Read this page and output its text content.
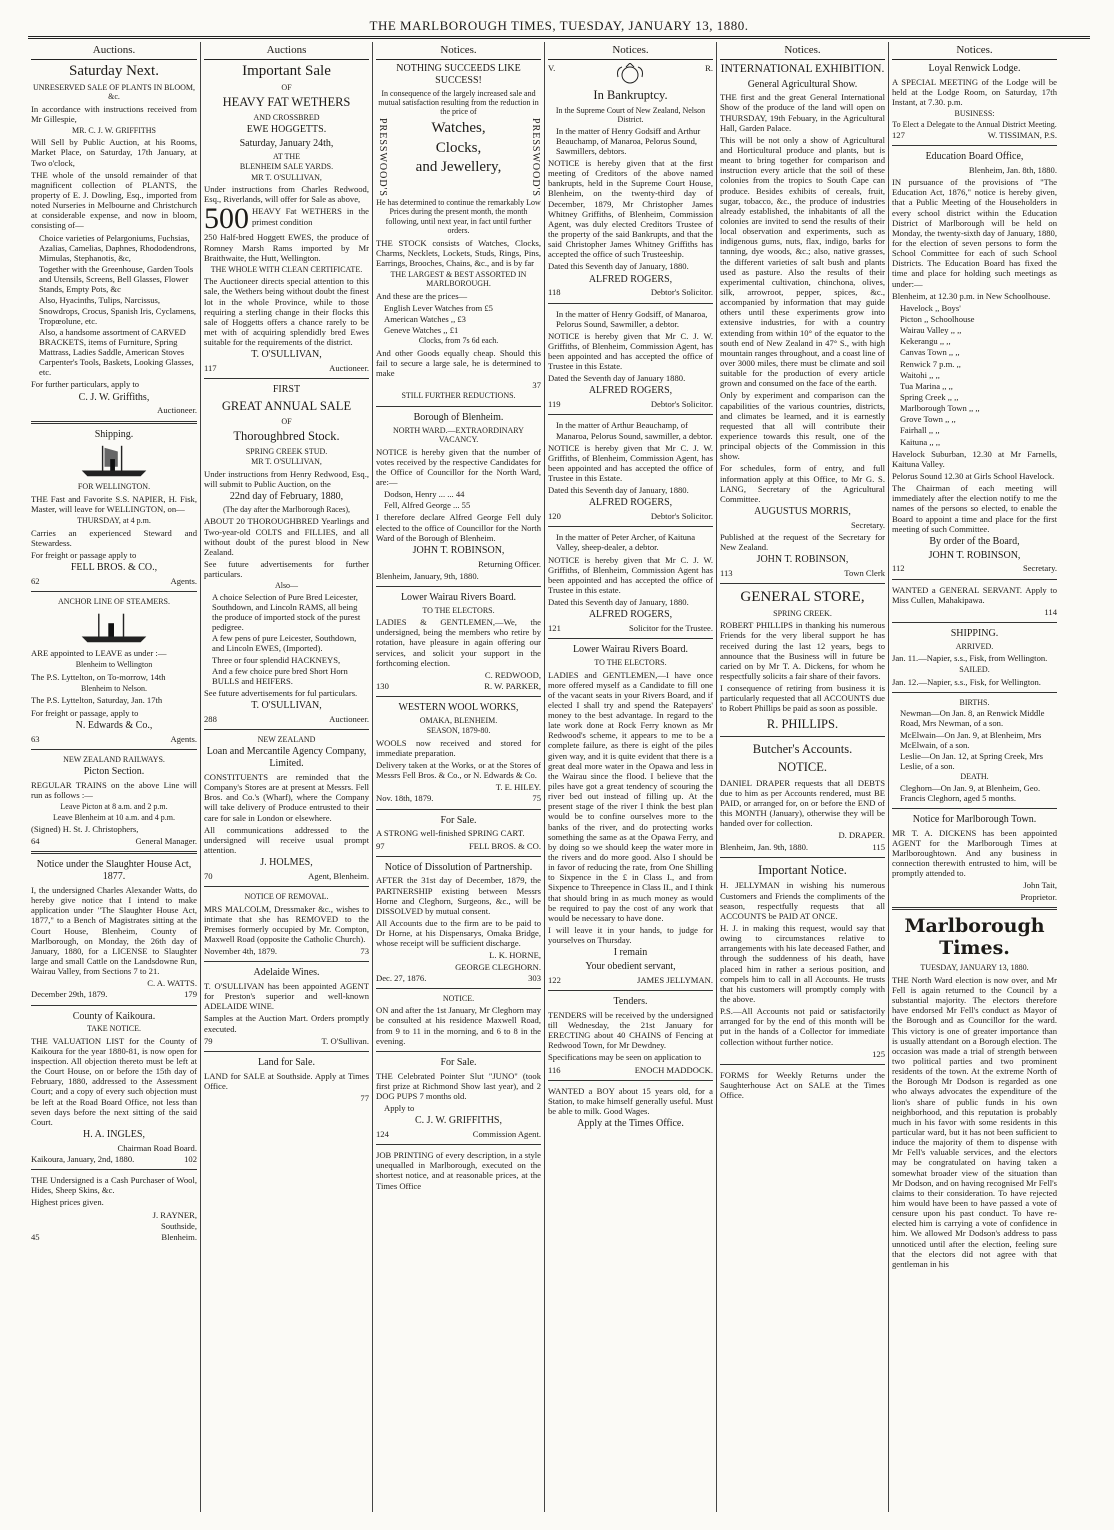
THE MARLBOROUGH TIMES, TUESDAY, JANUARY 13, 1880.
Auctions.
Saturday Next.
UNRESERVED SALE OF PLANTS IN BLOOM, &c.
In accordance with instructions received from Mr Gillespie,
MR. C. J. W. GRIFFITHS
Will Sell by Public Auction, at his Rooms, Market Place, on Saturday, 17th January, at Two o'clock,
THE whole of the unsold remainder of that magnificent collection of PLANTS, the property of E. J. Dowling, Esq., imported from noted Nurseries in Melbourne and Christchurch at considerable expense, and now in bloom, consisting of—
Choice varieties of Pelargoniums, Fuchsias, Azalias, Camelias, Daphnes, Rhododendrons, Mimulas, Stephanotis, &c,
Together with the Greenhouse, Garden Tools and Utensils, Screens, Bell Glasses, Flower Stands, Empty Pots, &c
Also, Hyacinths, Tulips, Narcissus, Snowdrops, Crocus, Spanish Iris, Cyclamens, Tropœolune, etc.
Also, a handsome assortment of CARVED BRACKETS, items of Furniture, Spring Mattrass, Ladies Saddle, American Stoves Carpenter's Tools, Baskets, Looking Glasses, etc.
For further particulars, apply to
C. J. W. Griffiths,
Auctioneer.
Shipping.
FOR WELLINGTON.
THE Fast and Favorite S.S. NAPIER, H. Fisk, Master, will leave for WELLINGTON, on—
THURSDAY, at 4 p.m.
Carries an experienced Steward and Stewardess.
For freight or passage apply to
FELL BROS. & CO.,
62	Agents.
ANCHOR LINE OF STEAMERS.
ARE appointed to LEAVE as under :—
Blenheim to Wellington
The P.S. Lyttelton, on To-morrow, 14th
Blenheim to Nelson.
The P.S. Lyttelton, Saturday, Jan. 17th
For freight or passage, apply to
N. Edwards & Co.,
63	Agents.
NEW ZEALAND RAILWAYS.
Picton Section.
REGULAR TRAINS on the above Line will run as follows :—
Leave Picton at 8 a.m. and 2 p.m.
Leave Blenheim at 10 a.m. and 4 p.m.
(Signed) H. St. J. Christophers,
64	General Manager.
Notice under the Slaughter House Act, 1877.
I, the undersigned Charles Alexander Watts, do hereby give notice that I intend to make application under "The Slaughter House Act, 1877," to a Bench of Magistrates sitting at the Court House, Blenheim, County of Marlborough, on Monday, the 26th day of January, 1880, for a LICENSE to Slaughter large and small Cattle on the Landsdowne Run, Wairau Valley, from Sections 7 to 21.
C. A. WATTS.
December 29th, 1879.	179
County of Kaikoura.
TAKE NOTICE.
THE VALUATION LIST for the County of Kaikoura for the year 1880-81, is now open for inspection. All objection thereto must be left at the Court House, on or before the 15th day of February, 1880, addressed to the Assessment Court; and a copy of every such objection must be left at the Road Board Office, not less than seven days before the next sitting of the said Court.
H. A. INGLES,
Chairman Road Board.
Kaikoura, January, 2nd, 1880.	102
THE Undersigned is a Cash Purchaser of Wool, Hides, Sheep Skins, &c.
Highest prices given.
J. RAYNER,
Southside,
45	Blenheim.
Auctions
Important Sale
OF
HEAVY FAT WETHERS
AND CROSSBRED
EWE HOGGETTS.
Saturday, January 24th,
AT THE
BLENHEIM SALE YARDS.
MR T. O'SULLIVAN,
Under instructions from Charles Redwood, Esq., Riverlands, will offer for Sale as above,
500 HEAVY Fat WETHERS in the primest condition
250 Half-bred Hoggett EWES, the produce of Romney Marsh Rams imported by Mr Braithwaite, the Hutt, Wellington.
THE WHOLE WITH CLEAN CERTIFICATE.
The Auctioneer directs special attention to this sale, the Wethers being without doubt the finest lot in the whole Province, while to those requiring a sterling change in their flocks this sale of Hoggetts offers a chance rarely to be met with of acquiring splendidly bred Ewes suitable for the requirements of the district.
T. O'SULLIVAN,
117	Auctioneer.
FIRST
GREAT ANNUAL SALE
OF
Thoroughbred Stock.
SPRING CREEK STUD.
MR T. O'SULLIVAN,
Under instructions from Henry Redwood, Esq., will submit to Public Auction, on the
22nd day of February, 1880,
(The day after the Marlborough Races),
ABOUT 20 THOROUGHBRED Yearlings and Two-year-old COLTS and FILLIES, and all without doubt of the purest blood in New Zealand.
See future advertisements for further particulars.
Also—
A choice Selection of Pure Bred Leicester, Southdown, and Lincoln RAMS, all being the produce of imported stock of the purest pedigree.
A few pens of pure Leicester, Southdown, and Lincoln EWES, (Imported).
Three or four splendid HACKNEYS,
And a few choice pure bred Short Horn BULLS and HEIFERS.
See future advertisements for ful particulars.
T. O'SULLIVAN,
288	Auctioneer.
NEW ZEALAND
Loan and Mercantile Agency Company, Limited.
CONSTITUENTS are reminded that the Company's Stores are at present at Messrs. Fell Bros. and Co.'s (Wharf), where the Company will take delivery of Produce entrusted to their care for sale in London or elsewhere.
All communications addressed to the undersigned will receive usual prompt attention.
J. HOLMES,
70	Agent, Blenheim.
NOTICE OF REMOVAL.
MRS MALCOLM, Dressmaker &c., wishes to intimate that she has REMOVED to the Premises formerly occupied by Mr. Compton, Maxwell Road (opposite the Catholic Church).
November 4th, 1879.	73
Adelaide Wines.
T. O'SULLIVAN has been appointed AGENT for Preston's superior and well-known ADELAIDE WINE.
Samples at the Auction Mart. Orders promptly executed.
79	T. O'Sullivan.
Land for Sale.
LAND for SALE at Southside. Apply at Times Office.
77
Notices.
NOTHING SUCCEEDS LIKE SUCCESS!
In consequence of the largely increased sale and mutual satisfaction resulting from the reduction in the price of
PRESSWOOD'S	Watches,
Clocks,
and Jewellery,	PRESSWOOD'S
He has determined to continue the remarkably Low Prices during the present month, the month following, until next year, in fact until further orders.
THE STOCK consists of Watches, Clocks, Charms, Necklets, Lockets, Studs, Rings, Pins, Earrings, Brooches, Chains, &c., and is by far
THE LARGEST & BEST ASSORTED IN MARLBOROUGH.
And these are the prices—
English Lever Watches from £5
American Watches ,, £3
Geneve Watches ,, £1
Clocks, from 7s 6d each.
And other Goods equally cheap. Should this fail to secure a large sale, he is determined to make
37
STILL FURTHER REDUCTIONS.
Borough of Blenheim.
NORTH WARD.—EXTRAORDINARY VACANCY.
NOTICE is hereby given that the number of votes received by the respective Candidates for the Office of Councillor for the North Ward, are:—
Dodson, Henry ... ... 44
Fell, Alfred George ... 55
I therefore declare Alfred George Fell duly elected to the office of Councillor for the North Ward of the Borough of Blenheim.
JOHN T. ROBINSON,
Returning Officer.
Blenheim, January, 9th, 1880.
Lower Wairau Rivers Board.
TO THE ELECTORS.
LADIES & GENTLEMEN,—We, the undersigned, being the members who retire by rotation, have pleasure in again offering our services, and solicit your support in the forthcoming election.
C. REDWOOD,
130	R. W. PARKER,
WESTERN WOOL WORKS,
OMAKA, BLENHEIM.
SEASON, 1879-80.
WOOLS now received and stored for immediate preparation.
Delivery taken at the Works, or at the Stores of Messrs Fell Bros. & Co., or N. Edwards & Co.
T. E. HILEY.
Nov. 18th, 1879.	75
For Sale.
A STRONG well-finished SPRING CART.
97	FELL BROS. & CO.
Notice of Dissolution of Partnership.
AFTER the 31st day of December, 1879, the PARTNERSHIP existing between Messrs Horne and Cleghorn, Surgeons, &c., will be DISSOLVED by mutual consent.
All Accounts due to the firm are to be paid to Dr Horne, at his Dispensarys, Omaka Bridge, whose receipt will be sufficient discharge.
L. K. HORNE,
GEORGE CLEGHORN.
Dec. 27, 1876.	303
NOTICE.
ON and after the 1st January, Mr Cleghorn may be consulted at his residence Maxwell Road, from 9 to 11 in the morning, and 6 to 8 in the evening.
For Sale.
THE Celebrated Pointer Slut "JUNO" (took first prize at Richmond Show last year), and 2 DOG PUPS 7 months old.
Apply to
C. J. W. GRIFFITHS,
124	Commission Agent.
JOB PRINTING of every description, in a style unequalled in Marlborough, executed on the shortest notice, and at reasonable prices, at the Times Office
Notices.
V.	R.
In Bankruptcy.
In the Supreme Court of New Zealand, Nelson District.
In the matter of Henry Godsiff and Arthur Beauchamp, of Manaroa, Pelorus Sound, Sawmillers, debtors.
NOTICE is hereby given that at the first meeting of Creditors of the above named bankrupts, held in the Supreme Court House, Blenheim, on the twenty-third day of December, 1879, Mr Christopher James Whitney Griffiths, of Blenheim, Commission Agent, was duly elected Creditors Trustee of the property of the said Bankrupts, and that the said Christopher James Whitney Griffiths has accepted the office of such Trusteeship.
Dated this Seventh day of January, 1880.
ALFRED ROGERS,
118	Debtor's Solicitor.
In the matter of Henry Godsiff, of Manaroa, Pelorus Sound, Sawmiller, a debtor.
NOTICE is hereby given that Mr C. J. W. Griffiths, of Blenheim, Commission Agent, has been appointed and has accepted the office of Trustee in this Estate.
Dated the Seventh day of January 1880.
ALFRED ROGERS,
119	Debtor's Solicitor.
In the matter of Arthur Beauchamp, of Manaroa, Pelorus Sound, sawmiller, a debtor.
NOTICE is hereby given that Mr C. J. W. Griffiths, of Blenheim, Commission Agent, has been appointed and has accepted the office of Trustee in this Estate.
Dated this Seventh day of January, 1880.
ALFRED ROGERS,
120	Debtor's Solicitor.
In the matter of Peter Archer, of Kaituna Valley, sheep-dealer, a debtor.
NOTICE is hereby given that Mr C. J. W. Griffiths, of Blenheim, Commission Agent has been appointed and has accepted the office of Trustee in this estate.
Dated this Seventh day of January, 1880.
ALFRED ROGERS,
121	Solicitor for the Trustee.
Lower Wairau Rivers Board.
TO THE ELECTORS.
LADIES and GENTLEMEN,—I have once more offered myself as a Candidate to fill one of the vacant seats in your Rivers Board, and if elected I shall try and spend the Ratepayers' money to the best advantage. In regard to the late work done at Rock Ferry known as Mr Redwood's scheme, it appears to me to be a complete failure, as there is eight of the piles given way, and it is quite evident that there is a great deal more water in the Opawa and less in the Wairau since the flood. I believe that the piles have got a great tendency of scouring the river bed out instead of filling up. At the present stage of the river I think the best plan would be to confine ourselves more to the banks of the river, and do protecting works something the same as at the Opawa Ferry, and by doing so we should keep the water more in the rivers and do more good. Also I should be in favor of reducing the rate, from One Shilling to Sixpence in the £ in Class I., and from Sixpence to Threepence in Class II., and I think that should bring in as much money as would be required to pay the cost of any work that would be necessary to have done.
I will leave it in your hands, to judge for yourselves on Thursday.
I remain
Your obedient servant,
122	JAMES JELLYMAN.
Tenders.
TENDERS will be received by the undersigned till Wednesday, the 21st January for ERECTING about 40 CHAINS of Fencing at Redwood Town, for Mr Dewdney.
Specifications may be seen on application to
116	ENOCH MADDOCK.
WANTED a BOY about 15 years old, for a Station, to make himself generally useful. Must be able to milk. Good Wages.
Apply at the Times Office.
Notices.
INTERNATIONAL EXHIBITION.
General Agricultural Show.
THE first and the great General International Show of the produce of the land will open on THURSDAY, 19th Febuary, in the Agricultural Hall, Garden Palace.
This will be not only a show of Agricultural and Horticultural produce and plants, but is meant to bring together for comparison and instruction every article that the soil of these colonies from the tropics to South Cape can produce. Besides exhibits of cereals, fruit, sugar, tobacco, &c., the produce of industries already established, the inhabitants of all the colonies are invited to send the results of their local observation and experiments, such as indigenous gums, nuts, flax, indigo, barks for tanning, dye woods, &c.; also, native grasses, the different varieties of salt bush and plants used as pasture. Also the results of their experimental cultivation, chinchona, olives, silk, arrowroot, pepper, spices, &c., accompanied by information that may guide others until these experiments grow into extensive industries, for with a country extending from within 10° of the equator to the south end of New Zealand in 47° S., with high mountain ranges throughout, and a coast line of over 3000 miles, there must be climate and soil suitable for the production of every article grown and consumed on the face of the earth.
Only by experiment and comparison can the capabilities of the various countries, districts, and climates be learned, and it is earnestly requested that all will contribute their experience towards this result, one of the principal objects of the Commission in this show.
For schedules, form of entry, and full information apply at this Office, to Mr G. S. LANG, Secretary of the Agricultural Committee.
AUGUSTUS MORRIS,
Secretary.
Published at the request of the Secretary for New Zealand.
JOHN T. ROBINSON,
113	Town Clerk
GENERAL STORE,
SPRING CREEK.
ROBERT PHILLIPS in thanking his numerous Friends for the very liberal support he has received during the last 12 years, begs to announce that the Business will in future be caried on by Mr T. A. Dickens, for whom he respectfully solicits a fair share of their favors.
I consequence of retiring from business it is particularly requested that all ACCOUNTS due to Robert Phillips be paid as soon as possible.
R. PHILLIPS.
Butcher's Accounts.
NOTICE.
DANIEL DRAPER requests that all DEBTS due to him as per Accounts rendered, must BE PAID, or arranged for, on or before the END of this MONTH (January), otherwise they will be handed over for collection.
D. DRAPER.
Blenheim, Jan. 9th, 1880.	115
Important Notice.
H. JELLYMAN in wishing his numerous Customers and Friends the compliments of the season, respectfully requests that all ACCOUNTS be PAID AT ONCE.
H. J. in making this request, would say that owing to circumstances relative to arrangements with his late deceased Father, and through the suddenness of his death, have placed him in rather a serious position, and compels him to call in all Accounts. He trusts that his customers will promptly comply with the above.
P.S.—All Accounts not paid or satisfactorily arranged for by the end of this month will be put in the hands of a Collector for immediate collection without further notice.
125
FORMS for Weekly Returns under the Saughterhouse Act on SALE at the Times Office.
Notices.
Loyal Renwick Lodge.
A SPECIAL MEETING of the Lodge will be held at the Lodge Room, on Saturday, 17th Instant, at 7.30. p.m.
BUSINESS:
To Elect a Delegate to the Annual District Meeting.
127	W. TISSIMAN, P.S.
Education Board Office,
Blenheim, Jan. 8th, 1880.
IN pursuance of the provisions of "The Education Act, 1876," notice is hereby given, that a Public Meeting of the Householders in every school district within the Education District of Marlborough will be held on Monday, the twenty-sixth day of January, 1880, for the election of seven persons to form the School Committee for each of such School Districts. The Education Board has fixed the time and place for holding such meetings as under:—
Blenheim, at 12.30 p.m. in New Schoolhouse.
Havelock ,, Boys'
Picton ,, Schoolhouse
Wairau Valley ,, ,,
Kekerangu ,, ,,
Canvas Town ,, ,,
Renwick 7 p.m. ,,
Waitohi ,, ,,
Tua Marina ,, ,,
Spring Creek ,, ,,
Marlborough Town ,, ,,
Grove Town ,, ,,
Fairhall ,, ,,
Kaituna ,, ,,
Havelock Suburban, 12.30 at Mr Farnells, Kaituna Valley.
Pelorus Sound 12.30 at Girls School Havelock.
The Chairman of each meeting will immediately after the election notify to me the names of the persons so elected, to enable the Board to appoint a time and place for the first meeting of such Committee.
By order of the Board,
JOHN T. ROBINSON,
112	Secretary.
WANTED a GENERAL SERVANT. Apply to Miss Cullen, Mahakipawa.
114
SHIPPING.
ARRIVED.
Jan. 11.—Napier, s.s., Fisk, from Wellington.
SAILED.
Jan. 12.—Napier, s.s., Fisk, for Wellington.
BIRTHS.
Newman—On Jan. 8, an Renwick Middle Road, Mrs Newman, of a son.
McElwain—On Jan. 9, at Blenheim, Mrs McElwain, of a son.
Leslie—On Jan. 12, at Spring Creek, Mrs Leslie, of a son.
DEATH.
Cleghorn—On Jan. 9, at Blenheim, Geo. Francis Cleghorn, aged 5 months.
Notice for Marlborough Town.
MR T. A. DICKENS has been appointed AGENT for the Marlborough Times at Marlboroughtown. And any business in connection therewith entrusted to him, will be promptly attended to.
John Tait,
Proprietor.
Marlborough Times.
TUESDAY, JANUARY 13, 1880.
THE North Ward election is now over, and Mr Fell is again returned to the Council by a substantial majority. The electors therefore have endorsed Mr Fell's conduct as Mayor of the Borough and as Councillor for the ward. This victory is one of greater importance than is usually attendant on a Borough election. The occasion was made a trial of strength between two political parties and two prominent residents of the town. At the extreme North of the Borough Mr Dodson is regarded as one who always advocates the expenditure of the lion's share of public funds in his own neighborhood, and this reputation is probably much in his favor with some residents in this particular ward, but it has not been sufficient to induce the majority of them to dispense with Mr Fell's valuable services, and the electors may be congratulated on having taken a somewhat broader view of the situation than Mr Dodson, and on having recognised Mr Fell's claims to their consideration. To have rejected him would have been to have passed a vote of censure upon his past conduct. To have re-elected him is carrying a vote of confidence in him. We allowed Mr Dodson's address to pass unnoticed until after the election, feeling sure that the electors did not agree with that gentleman in his
